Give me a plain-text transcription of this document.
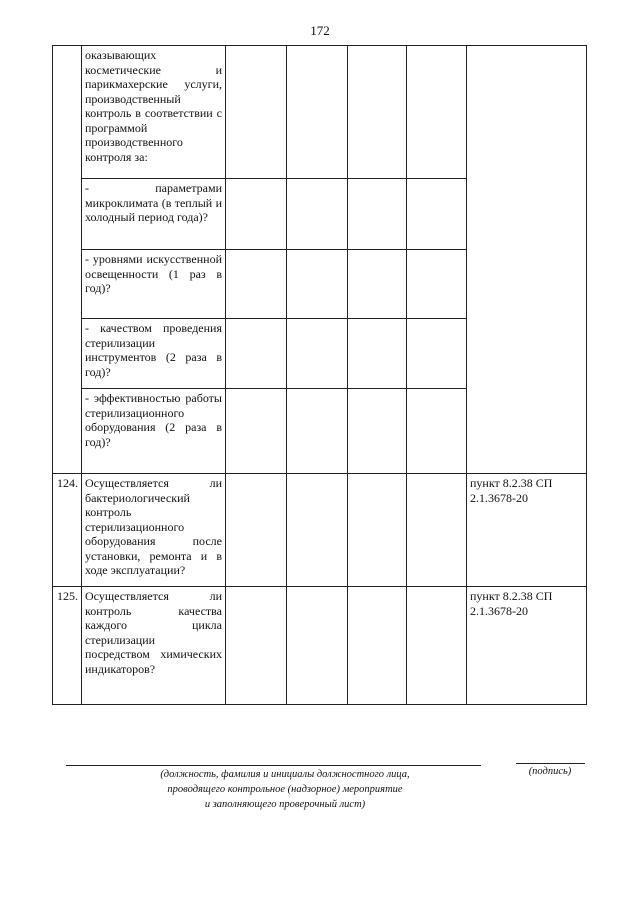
172
	оказывающих косметические и парикмахерские услуги, производственный контроль в соответствии с программой производственного контроля за:					
	- параметрами микроклимата (в теплый и холодный период года)?					
	- уровнями искусственной освещенности (1 раз в год)?					
	- качеством проведения стерилизации инструментов (2 раза в год)?					
	- эффективностью работы стерилизационного оборудования (2 раза в год)?					
124.	Осуществляется ли бактериологический контроль стерилизационного оборудования после установки, ремонта и в ходе эксплуатации?					пункт 8.2.38 СП 2.1.3678-20
125.	Осуществляется ли контроль качества каждого цикла стерилизации посредством химических индикаторов?					пункт 8.2.38 СП 2.1.3678-20
(должность, фамилия и инициалы должностного лица,
проводящего контрольное (надзорное) мероприятие
и заполняющего проверочный лист)
(подпись)
